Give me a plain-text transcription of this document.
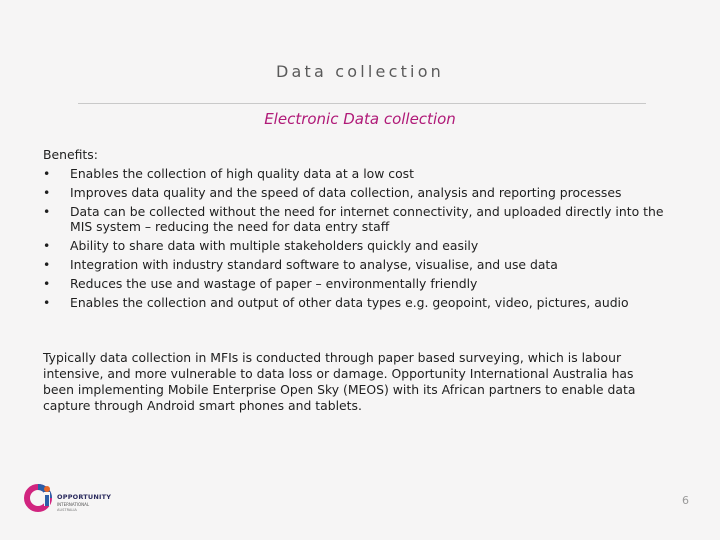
Data collection
Electronic Data collection
Benefits:
• Enables the collection of high quality data at a low cost
• Improves data quality and the speed of data collection, analysis and reporting processes
• Data can be collected without the need for internet connectivity, and uploaded directly into the MIS system – reducing the need for data entry staff
• Ability to share data with multiple stakeholders quickly and easily
• Integration with industry standard software to analyse, visualise, and use data
• Reduces the use and wastage of paper – environmentally friendly
• Enables the collection and output of other data types e.g. geopoint, video, pictures, audio

Typically data collection in MFIs is conducted through paper based surveying, which is labour intensive, and more vulnerable to data loss or damage. Opportunity International Australia has been implementing Mobile Enterprise Open Sky (MEOS) with its African partners to enable data capture through Android smart phones and tablets.

OPPORTUNITY
INTERNATIONAL
AUSTRALIA
6
